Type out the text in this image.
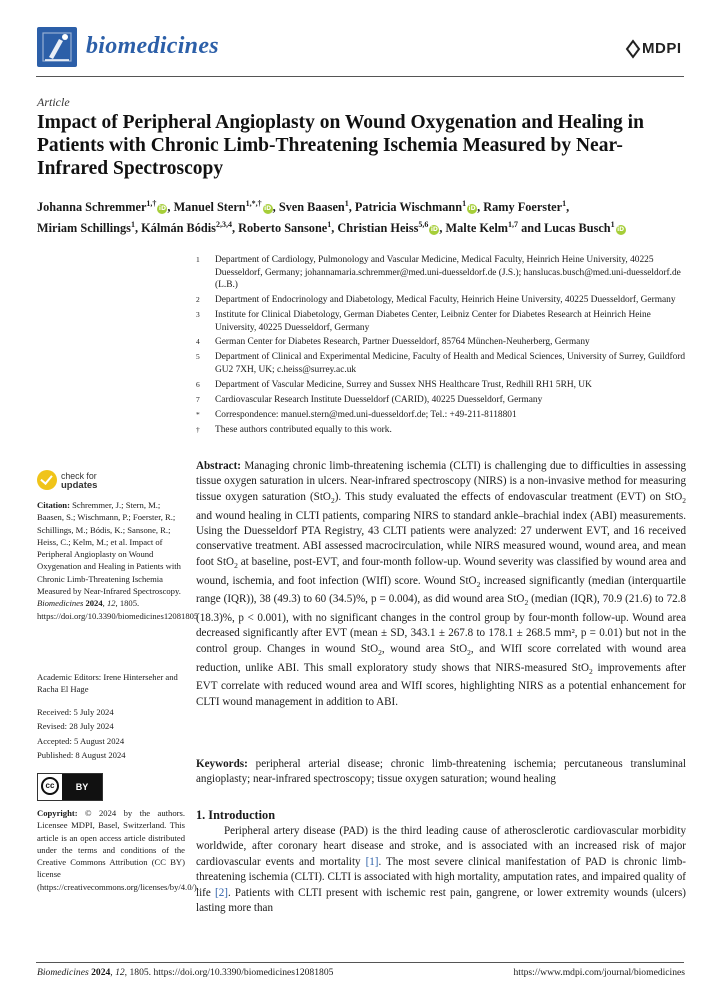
biomedicines	MDPI
Article
Impact of Peripheral Angioplasty on Wound Oxygenation and Healing in Patients with Chronic Limb-Threatening Ischemia Measured by Near-Infrared Spectroscopy
Johanna Schremmer$^{1,\dagger}$iD, Manuel Stern$^{1,*,\dagger}$iD, Sven Baasen$^1$, Patricia Wischmann$^1$iD, Ramy Foerster$^1$,
Miriam Schillings$^1$, Kálmán Bódis$^{2,3,4}$, Roberto Sansone$^1$, Christian Heiss$^{5,6}$iD, Malte Kelm$^{1,7}$ and Lucas Busch$^1$iD
1 Department of Cardiology, Pulmonology and Vascular Medicine, Medical Faculty, Heinrich Heine University, 40225 Duesseldorf, Germany; johannamaria.schremmer@med.uni-duesseldorf.de (J.S.); hanslucas.busch@med.uni-duesseldorf.de (L.B.)
2 Department of Endocrinology and Diabetology, Medical Faculty, Heinrich Heine University, 40225 Duesseldorf, Germany
3 Institute for Clinical Diabetology, German Diabetes Center, Leibniz Center for Diabetes Research at Heinrich Heine University, 40225 Duesseldorf, Germany
4 German Center for Diabetes Research, Partner Duesseldorf, 85764 München-Neuherberg, Germany
5 Department of Clinical and Experimental Medicine, Faculty of Health and Medical Sciences, University of Surrey, Guildford GU2 7XH, UK; c.heiss@surrey.ac.uk
6 Department of Vascular Medicine, Surrey and Sussex NHS Healthcare Trust, Redhill RH1 5RH, UK
7 Cardiovascular Research Institute Duesseldorf (CARID), 40225 Duesseldorf, Germany
* Correspondence: manuel.stern@med.uni-duesseldorf.de; Tel.: +49-211-8118801
† These authors contributed equally to this work.
check for
updates
Citation: Schremmer, J.; Stern, M.; Baasen, S.; Wischmann, P.; Foerster, R.; Schillings, M.; Bódis, K.; Sansone, R.; Heiss, C.; Kelm, M.; et al. Impact of Peripheral Angioplasty on Wound Oxygenation and Healing in Patients with Chronic Limb-Threatening Ischemia Measured by Near-Infrared Spectroscopy. Biomedicines 2024, 12, 1805. https://doi.org/10.3390/biomedicines12081805
Academic Editors: Irene Hinterseher and Racha El Hage
Received: 5 July 2024
Revised: 28 July 2024
Accepted: 5 August 2024
Published: 8 August 2024
cc	BY
Copyright: © 2024 by the authors. Licensee MDPI, Basel, Switzerland. This article is an open access article distributed under the terms and conditions of the Creative Commons Attribution (CC BY) license (https://creativecommons.org/licenses/by/4.0/).
Abstract: Managing chronic limb-threatening ischemia (CLTI) is challenging due to difficulties in assessing tissue oxygen saturation in ulcers. Near-infrared spectroscopy (NIRS) is a non-invasive method for measuring tissue oxygen saturation (StO$_2$). This study evaluated the effects of endovascular treatment (EVT) on StO$_2$ and wound healing in CLTI patients, comparing NIRS to standard ankle–brachial index (ABI) measurements. Using the Duesseldorf PTA Registry, 43 CLTI patients were analyzed: 27 underwent EVT, and 16 received conservative treatment. ABI assessed macrocirculation, while NIRS measured wound, wound area, and mean foot StO$_2$ at baseline, post-EVT, and four-month follow-up. Wound severity was classified by wound area and wound, ischemia, and foot infection (WIfI) score. Wound StO$_2$ increased significantly (median (interquartile range (IQR)), 38 (49.3) to 60 (34.5)%, p = 0.004), as did wound area StO$_2$ (median (IQR), 70.9 (21.6) to 72.8 (18.3)%, p < 0.001), with no significant changes in the control group by four-month follow-up. Wound area decreased significantly after EVT (mean ± SD, 343.1 ± 267.8 to 178.1 ± 268.5 mm², p = 0.01) but not in the control group. Changes in wound StO$_2$, wound area StO$_2$, and WIfI score correlated with wound area reduction, unlike ABI. This small exploratory study shows that NIRS-measured StO$_2$ improvements after EVT correlate with reduced wound area and WIfI scores, highlighting NIRS as a potential enhancement for CLTI wound management in addition to ABI.
Keywords: peripheral arterial disease; chronic limb-threatening ischemia; percutaneous transluminal angioplasty; near-infrared spectroscopy; tissue oxygen saturation; wound healing
1. Introduction
Peripheral artery disease (PAD) is the third leading cause of atherosclerotic cardiovascular morbidity worldwide, after coronary heart disease and stroke, and is associated with an increased risk of major cardiovascular events and mortality [1]. The most severe clinical manifestation of PAD is chronic limb-threatening ischemia (CLTI). CLTI is associated with high mortality, amputation rates, and impaired quality of life [2]. Patients with CLTI present with ischemic rest pain, gangrene, or lower extremity wounds (ulcers) lasting more than
Biomedicines 2024, 12, 1805. https://doi.org/10.3390/biomedicines12081805	https://www.mdpi.com/journal/biomedicines
